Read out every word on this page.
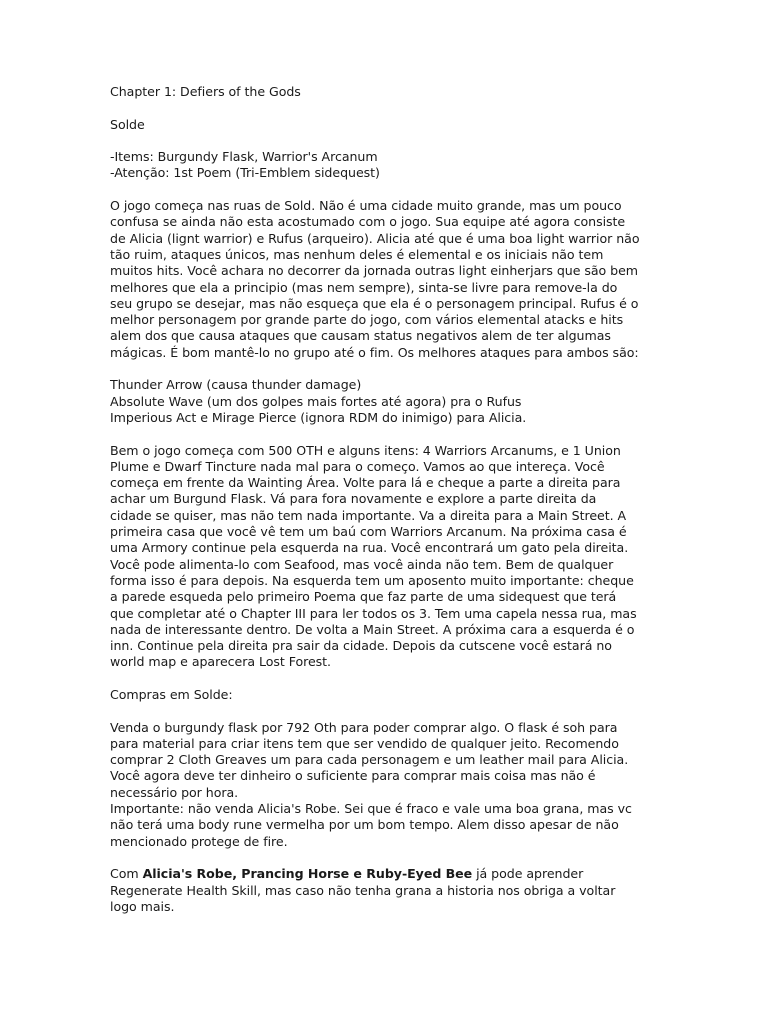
Chapter 1: Defiers of the Gods
Solde
-Items: Burgundy Flask, Warrior's Arcanum
-Atenção: 1st Poem (Tri-Emblem sidequest)
O jogo começa nas ruas de Sold. Não é uma cidade muito grande, mas um pouco
confusa se ainda não esta acostumado com o jogo. Sua equipe até agora consiste
de Alicia (lignt warrior) e Rufus (arqueiro). Alicia até que é uma boa light warrior não
tão ruim, ataques únicos, mas nenhum deles é elemental e os iniciais não tem
muitos hits. Você achara no decorrer da jornada outras light einherjars que são bem
melhores que ela a principio (mas nem sempre), sinta-se livre para remove-la do
seu grupo se desejar, mas não esqueça que ela é o personagem principal. Rufus é o
melhor personagem por grande parte do jogo, com vários elemental atacks e hits
alem dos que causa ataques que causam status negativos alem de ter algumas
mágicas. É bom mantê-lo no grupo até o fim. Os melhores ataques para ambos são:
Thunder Arrow (causa thunder damage)
Absolute Wave (um dos golpes mais fortes até agora) pra o Rufus
Imperious Act e Mirage Pierce (ignora RDM do inimigo) para Alicia.
Bem o jogo começa com 500 OTH e alguns itens: 4 Warriors Arcanums, e 1 Union
Plume e Dwarf Tincture nada mal para o começo. Vamos ao que intereça. Você
começa em frente da Wainting Área. Volte para lá e cheque a parte a direita para
achar um Burgund Flask. Vá para fora novamente e explore a parte direita da
cidade se quiser, mas não tem nada importante. Va a direita para a Main Street. A
primeira casa que você vê tem um baú com Warriors Arcanum. Na próxima casa é
uma Armory continue pela esquerda na rua. Você encontrará um gato pela direita.
Você pode alimenta-lo com Seafood, mas você ainda não tem. Bem de qualquer
forma isso é para depois. Na esquerda tem um aposento muito importante: cheque
a parede esqueda pelo primeiro Poema que faz parte de uma sidequest que terá
que completar até o Chapter III para ler todos os 3. Tem uma capela nessa rua, mas
nada de interessante dentro. De volta a Main Street. A próxima cara a esquerda é o
inn. Continue pela direita pra sair da cidade. Depois da cutscene você estará no
world map e aparecera Lost Forest.
Compras em Solde:
Venda o burgundy flask por 792 Oth para poder comprar algo. O flask é soh para
para material para criar itens tem que ser vendido de qualquer jeito. Recomendo
comprar 2 Cloth Greaves um para cada personagem e um leather mail para Alicia.
Você agora deve ter dinheiro o suficiente para comprar mais coisa mas não é
necessário por hora.
Importante: não venda Alicia's Robe. Sei que é fraco e vale uma boa grana, mas vc
não terá uma body rune vermelha por um bom tempo. Alem disso apesar de não
mencionado protege de fire.
Com Alicia's Robe, Prancing Horse e Ruby-Eyed Bee já pode aprender
Regenerate Health Skill, mas caso não tenha grana a historia nos obriga a voltar
logo mais.
